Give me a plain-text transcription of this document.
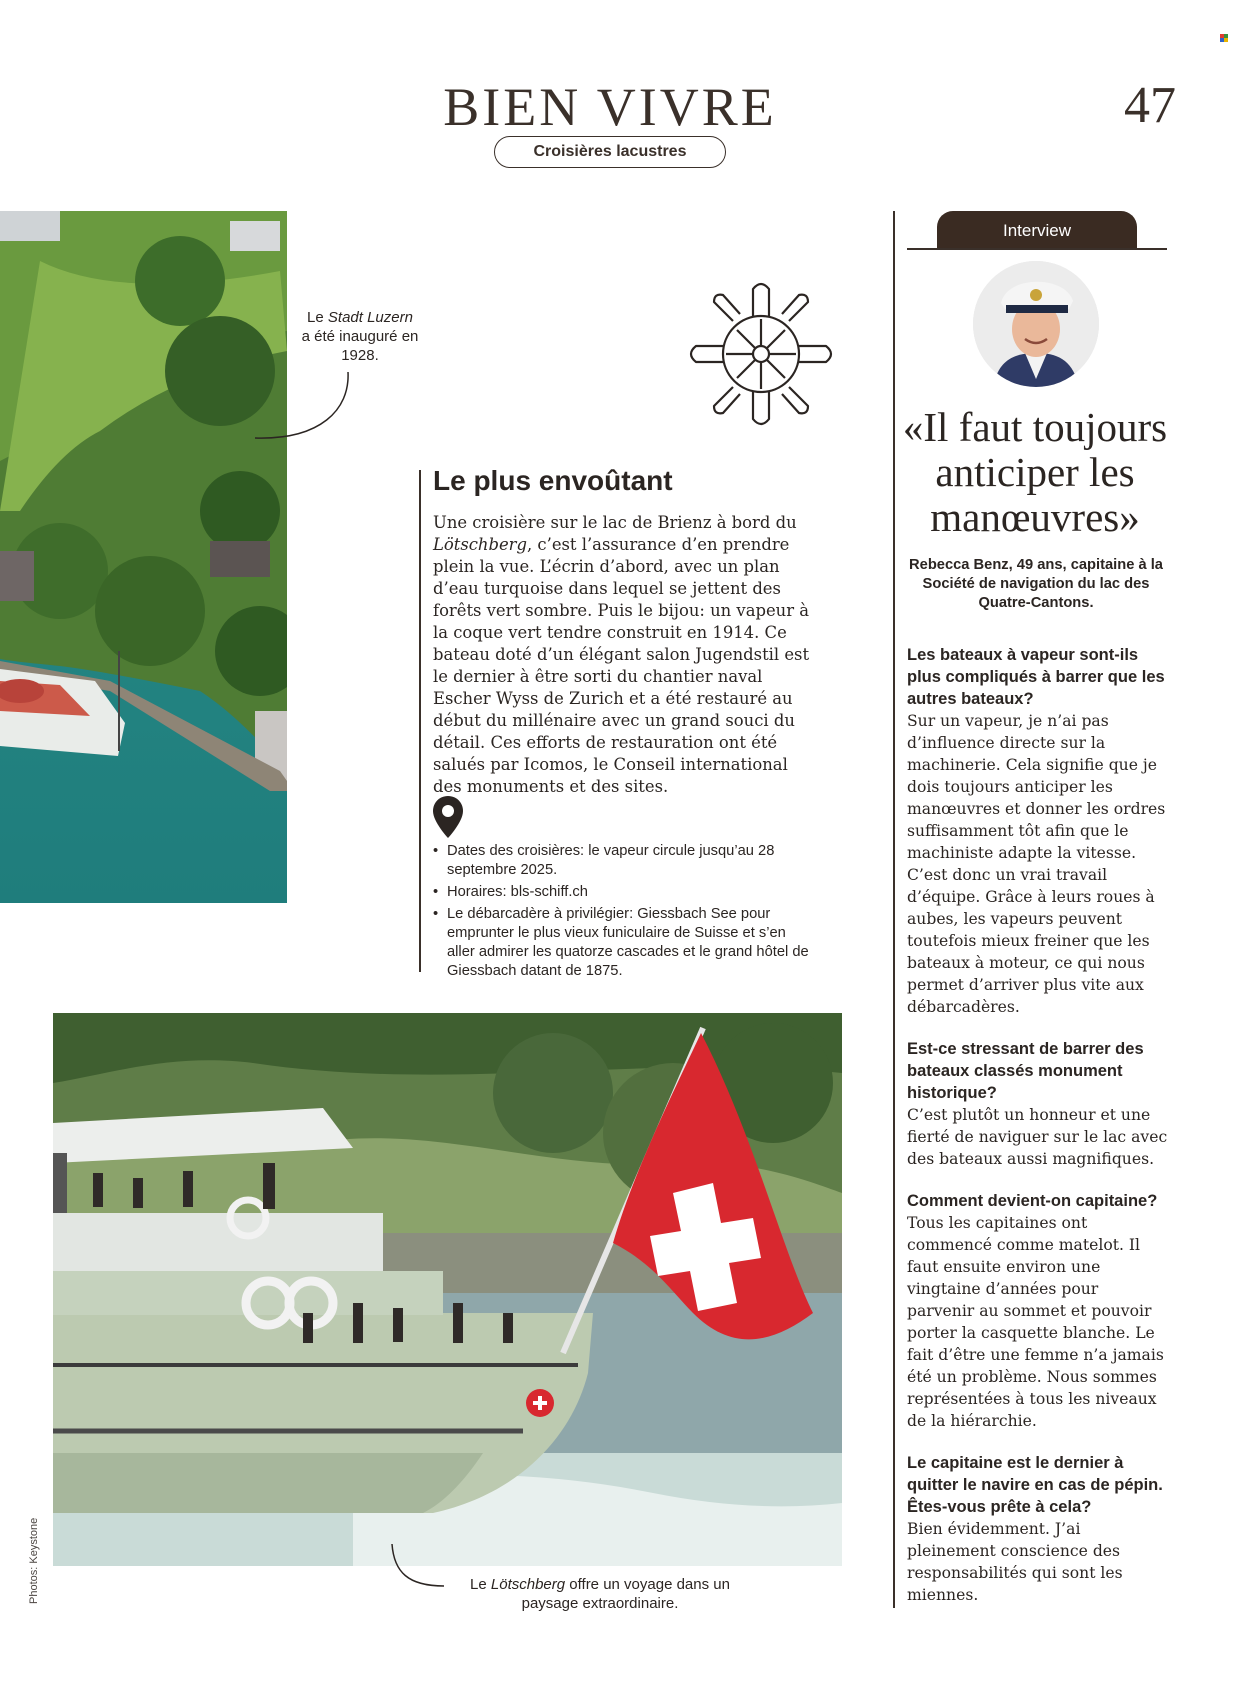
BIEN VIVRE
Croisières lacustres
47
Le Stadt Luzern
a été inauguré en 1928.
Le plus envoûtant

Une croisière sur le lac de Brienz à bord du Lötschberg, c’est l’assurance d’en prendre plein la vue. L’écrin d’abord, avec un plan d’eau turquoise dans lequel se jettent des forêts vert sombre. Puis le bijou: un vapeur à la coque vert tendre construit en 1914. Ce bateau doté d’un élégant salon Jugendstil est le dernier à être sorti du chantier naval Escher Wyss de Zurich et a été restauré au début du millénaire avec un grand souci du détail. Ces efforts de restauration ont été salués par Icomos, le Conseil international des monuments et des sites.

• Dates des croisières: le vapeur circule jusqu’au 28 septembre 2025.
• Horaires: bls-schiff.ch
• Le débarcadère à privilégier: Giessbach See pour emprunter le plus vieux funiculaire de Suisse et s’en aller admirer les quatorze cascades et le grand hôtel de Giessbach datant de 1875.
Le Lötschberg offre un voyage dans un paysage extraordinaire.
Interview
«Il faut toujours anticiper les manœuvres»
Rebecca Benz, 49 ans, capitaine à la Société de navigation du lac des Quatre-Cantons.
Les bateaux à vapeur sont-ils plus compliqués à barrer que les autres bateaux?
Sur un vapeur, je n’ai pas d’influence directe sur la machinerie. Cela signifie que je dois toujours anticiper les manœuvres et donner les ordres suffisamment tôt afin que le machiniste adapte la vitesse. C’est donc un vrai travail d’équipe. Grâce à leurs roues à aubes, les vapeurs peuvent toutefois mieux freiner que les bateaux à moteur, ce qui nous permet d’arriver plus vite aux débarcadères.
Est-ce stressant de barrer des bateaux classés monument historique?
C’est plutôt un honneur et une fierté de naviguer sur le lac avec des bateaux aussi magnifiques.
Comment devient-on capitaine?
Tous les capitaines ont commencé comme matelot. Il faut ensuite environ une vingtaine d’années pour parvenir au sommet et pouvoir porter la casquette blanche. Le fait d’être une femme n’a jamais été un problème. Nous sommes représentées à tous les niveaux de la hiérarchie.
Le capitaine est le dernier à quitter le navire en cas de pépin. Êtes-vous prête à cela?
Bien évidemment. J’ai pleinement conscience des responsabilités qui sont les miennes.
Photos: Keystone
